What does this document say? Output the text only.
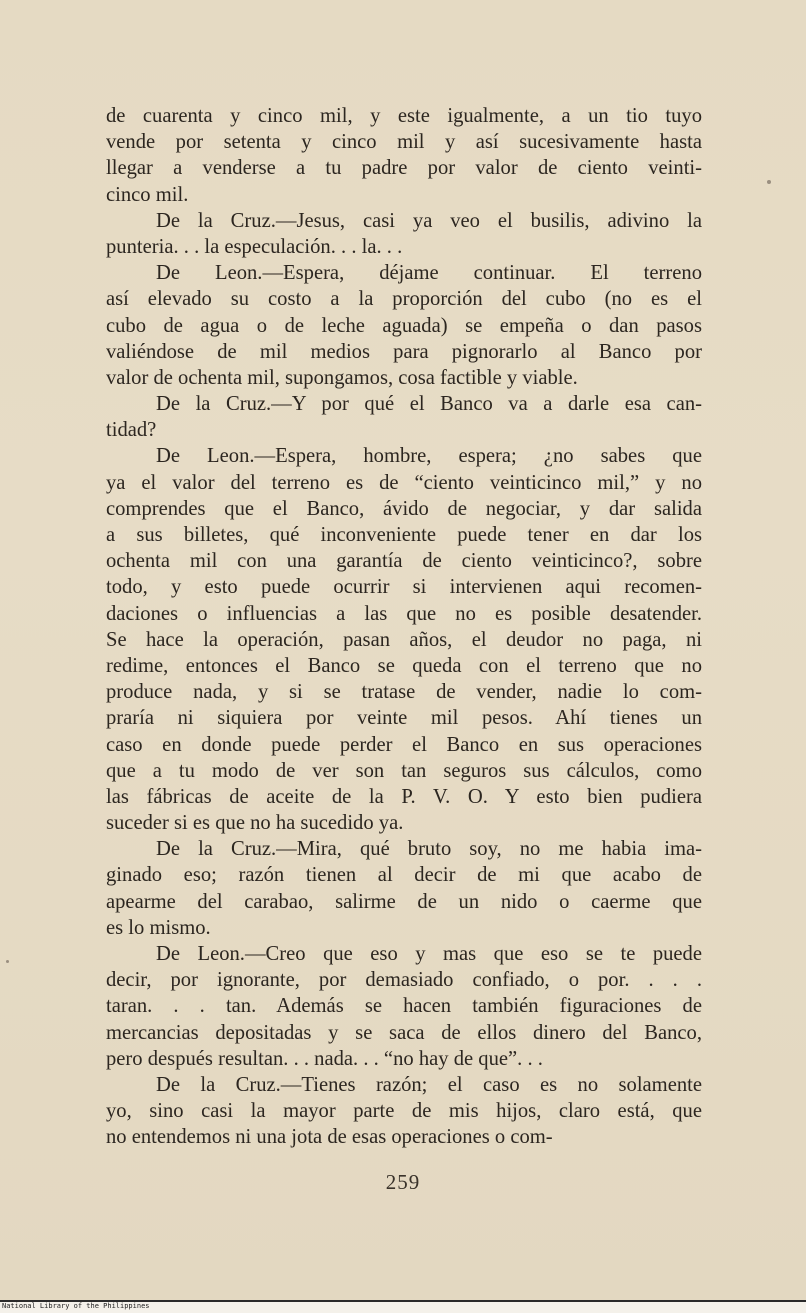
de cuarenta y cinco mil, y este igualmente, a un tio tuyo
vende por setenta y cinco mil y así sucesivamente hasta
llegar a venderse a tu padre por valor de ciento veinti-
cinco mil.
De la Cruz.—Jesus, casi ya veo el busilis, adivino la
punteria. . . la especulación. . . la. . .
De Leon.—Espera, déjame continuar. El terreno
así elevado su costo a la proporción del cubo (no es el
cubo de agua o de leche aguada) se empeña o dan pasos
valiéndose de mil medios para pignorarlo al Banco por
valor de ochenta mil, supongamos, cosa factible y viable.
De la Cruz.—Y por qué el Banco va a darle esa can-
tidad?
De Leon.—Espera, hombre, espera; ¿no sabes que
ya el valor del terreno es de “ciento veinticinco mil,” y no
comprendes que el Banco, ávido de negociar, y dar salida
a sus billetes, qué inconveniente puede tener en dar los
ochenta mil con una garantía de ciento veinticinco?, sobre
todo, y esto puede ocurrir si intervienen aqui recomen-
daciones o influencias a las que no es posible desatender.
Se hace la operación, pasan años, el deudor no paga, ni
redime, entonces el Banco se queda con el terreno que no
produce nada, y si se tratase de vender, nadie lo com-
praría ni siquiera por veinte mil pesos. Ahí tienes un
caso en donde puede perder el Banco en sus operaciones
que a tu modo de ver son tan seguros sus cálculos, como
las fábricas de aceite de la P. V. O. Y esto bien pudiera
suceder si es que no ha sucedido ya.
De la Cruz.—Mira, qué bruto soy, no me habia ima-
ginado eso; razón tienen al decir de mi que acabo de
apearme del carabao, salirme de un nido o caerme que
es lo mismo.
De Leon.—Creo que eso y mas que eso se te puede
decir, por ignorante, por demasiado confiado, o por. . . .
taran. . . tan. Además se hacen también figuraciones de
mercancias depositadas y se saca de ellos dinero del Banco,
pero después resultan. . . nada. . . “no hay de que”. . .
De la Cruz.—Tienes razón; el caso es no solamente
yo, sino casi la mayor parte de mis hijos, claro está, que
no entendemos ni una jota de esas operaciones o com-
259
National Library of the Philippines
